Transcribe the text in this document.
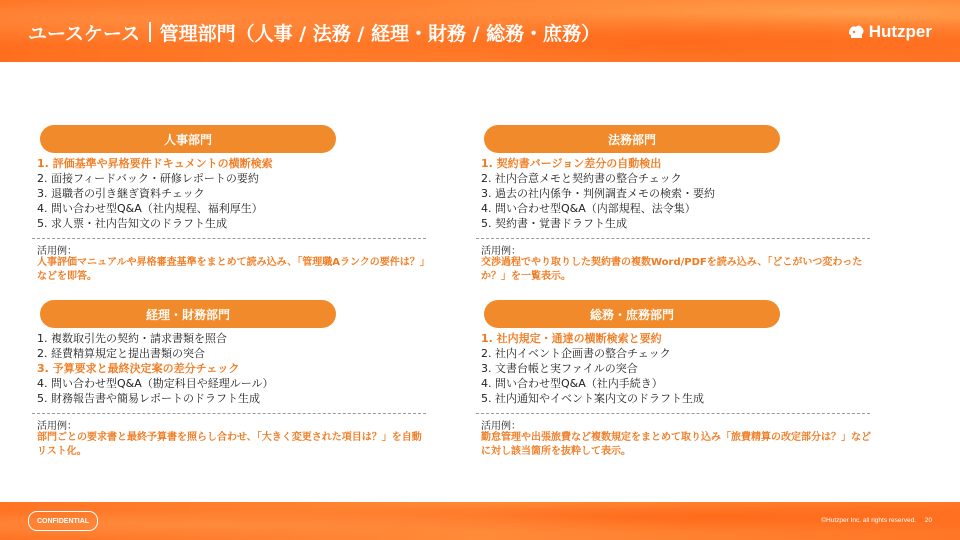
ユースケース 管理部門（人事 / 法務 / 経理・財務 / 総務・庶務）	Hutzper
人事部門
1. 評価基準や昇格要件ドキュメントの横断検索
2. 面接フィードバック・研修レポートの要約
3. 退職者の引き継ぎ資料チェック
4. 問い合わせ型Q&A（社内規程、福利厚生）
5. 求人票・社内告知文のドラフト生成
活用例：
人事評価マニュアルや昇格審査基準をまとめて読み込み、「管理職Aランクの要件は？」などを即答。
法務部門
1. 契約書バージョン差分の自動検出
2. 社内合意メモと契約書の整合チェック
3. 過去の社内係争・判例調査メモの検索・要約
4. 問い合わせ型Q&A（内部規程、法令集）
5. 契約書・覚書ドラフト生成
活用例：
交渉過程でやり取りした契約書の複数Word/PDFを読み込み、「どこがいつ変わったか？」を一覧表示。
経理・財務部門
1. 複数取引先の契約・請求書類を照合
2. 経費精算規定と提出書類の突合
3. 予算要求と最終決定案の差分チェック
4. 問い合わせ型Q&A（勘定科目や経理ルール）
5. 財務報告書や簡易レポートのドラフト生成
活用例：
部門ごとの要求書と最終予算書を照らし合わせ、「大きく変更された項目は？」を自動リスト化。
総務・庶務部門
1. 社内規定・通達の横断検索と要約
2. 社内イベント企画書の整合チェック
3. 文書台帳と実ファイルの突合
4. 問い合わせ型Q&A（社内手続き）
5. 社内通知やイベント案内文のドラフト生成
活用例：
勤怠管理や出張旅費など複数規定をまとめて取り込み「旅費精算の改定部分は？」などに対し該当箇所を抜粋して表示。
CONFIDENTIAL	©Hutzper Inc. all rights reserved. 20
